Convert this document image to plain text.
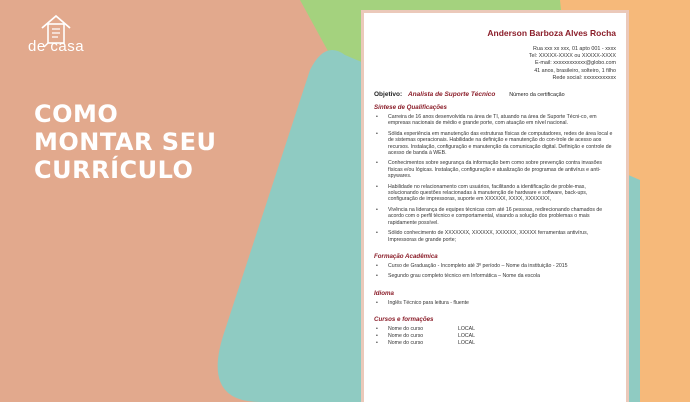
de casa
COMO
MONTAR SEU
CURRÍCULO
Anderson Barboza Alves Rocha
Rua xxx xx xxx, 01 apto 001 - xxxx
Tel: XXXXX-XXXX ou XXXXX-XXXX
E-mail: xxxxxxxxxxxx@globo.com
41 anos, brasileiro, solteiro, 1 filho
Rede social: xxxxxxxxxxxx
Objetivo: Analista de Suporte Técnico	Número da certificação
Síntese de Qualificações
• Carreira de 16 anos desenvolvida na área de TI, atuando na área de Suporte Técni-co, em empresas nacionais de médio e grande porte, com atuação em nível nacional.
• Sólida experiência em manutenção das estruturas físicas de computadores, redes de área local e de sistemas operacionais. Habilidade na definição e manutenção do con-trole de acesso aos recursos. Instalação, configuração e manutenção da comunicação digital. Definição e controle de acesso de banda à WEB.
• Conhecimentos sobre segurança da informação bem como sobre prevenção contra invasões físicas e/ou lógicas. Instalação, configuração e atualização de programas de antivírus e anti-spywares.
• Habilidade no relacionamento com usuários, facilitando a identificação de proble-mas, solucionando questões relacionadas à manutenção de hardware e software, back-ups, configuração de impressoras, suporte em XXXXXX, XXXX, XXXXXXX,
• Vivência na liderança de equipes técnicas com até 16 pessoas, redirecionando chamados de acordo com o perfil técnico e comportamental, visando a solução dos problemas o mais rapidamente possível.
• Sólido conhecimento de XXXXXXX, XXXXXX, XXXXXX, XXXXX ferramentas antivírus, Impressoras de grande porte;
Formação Acadêmica
• Curso de Graduação - Incompleto até 3º período – Nome da instituição - 2015
• Segundo grau completo técnico em Informática – Nome da escola
Idioma
• Inglês Técnico para leitura - fluente
Cursos e formações
• Nome do curso	LOCAL
• Nome do curso	LOCAL
• Nome do curso	LOCAL
